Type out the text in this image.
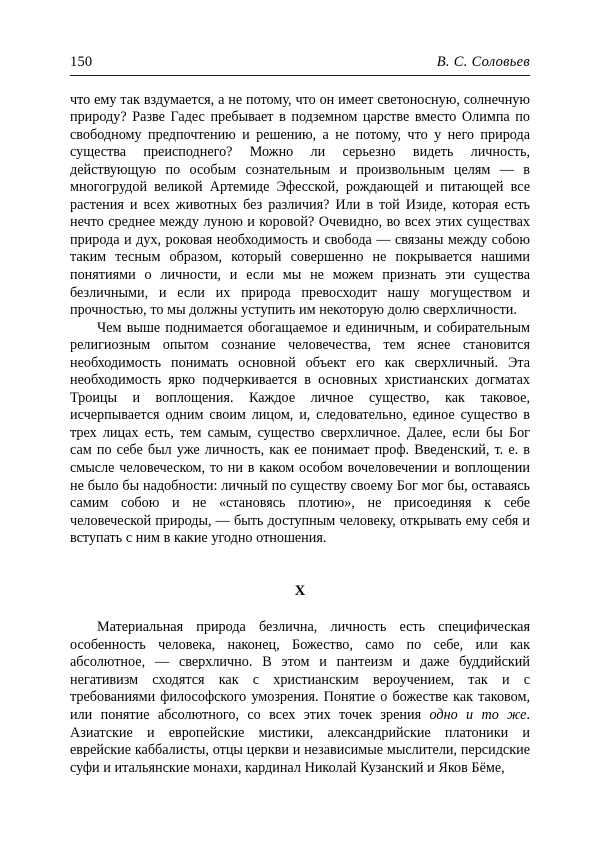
150	В. С. Соловьев

что ему так вздумается, а не потому, что он имеет светоносную, солнечную природу? Разве Гадес пребывает в подземном царстве вместо Олимпа по свободному предпочтению и решению, а не потому, что у него природа существа преисподнего? Можно ли серьезно видеть личность, действующую по особым сознательным и произвольным целям — в многогрудой великой Артемиде Эфесской, рождающей и питающей все растения и всех животных без различия? Или в той Изиде, которая есть нечто среднее между луною и коровой? Очевидно, во всех этих существах природа и дух, роковая необходимость и свобода — связаны между собою таким тесным образом, который совершенно не покрывается нашими понятиями о личности, и если мы не можем признать эти существа безличными, и если их природа превосходит нашу могуществом и прочностью, то мы должны уступить им некоторую долю сверхличности.

Чем выше поднимается обогащаемое и единичным, и собирательным религиозным опытом сознание человечества, тем яснее становится необходимость понимать основной объект его как сверхличный. Эта необходимость ярко подчеркивается в основных христианских догматах Троицы и воплощения. Каждое личное существо, как таковое, исчерпывается одним своим лицом, и, следовательно, единое существо в трех лицах есть, тем самым, существо сверхличное. Далее, если бы Бог сам по себе был уже личность, как ее понимает проф. Введенский, т. е. в смысле человеческом, то ни в каком особом вочеловечении и воплощении не было бы надобности: личный по существу своему Бог мог бы, оставаясь самим собою и не «становясь плотию», не присоединяя к себе человеческой природы, — быть доступным человеку, открывать ему себя и вступать с ним в какие угодно отношения.

X

Материальная природа безлична, личность есть специфическая особенность человека, наконец, Божество, само по себе, или как абсолютное, — сверхлично. В этом и пантеизм и даже буддийский негативизм сходятся как с христианским вероучением, так и с требованиями философского умозрения. Понятие о божестве как таковом, или понятие абсолютного, со всех этих точек зрения одно и то же. Азиатские и европейские мистики, александрийские платоники и еврейские каббалисты, отцы церкви и независимые мыслители, персидские суфи и итальянские монахи, кардинал Николай Кузанский и Яков Бёме,
